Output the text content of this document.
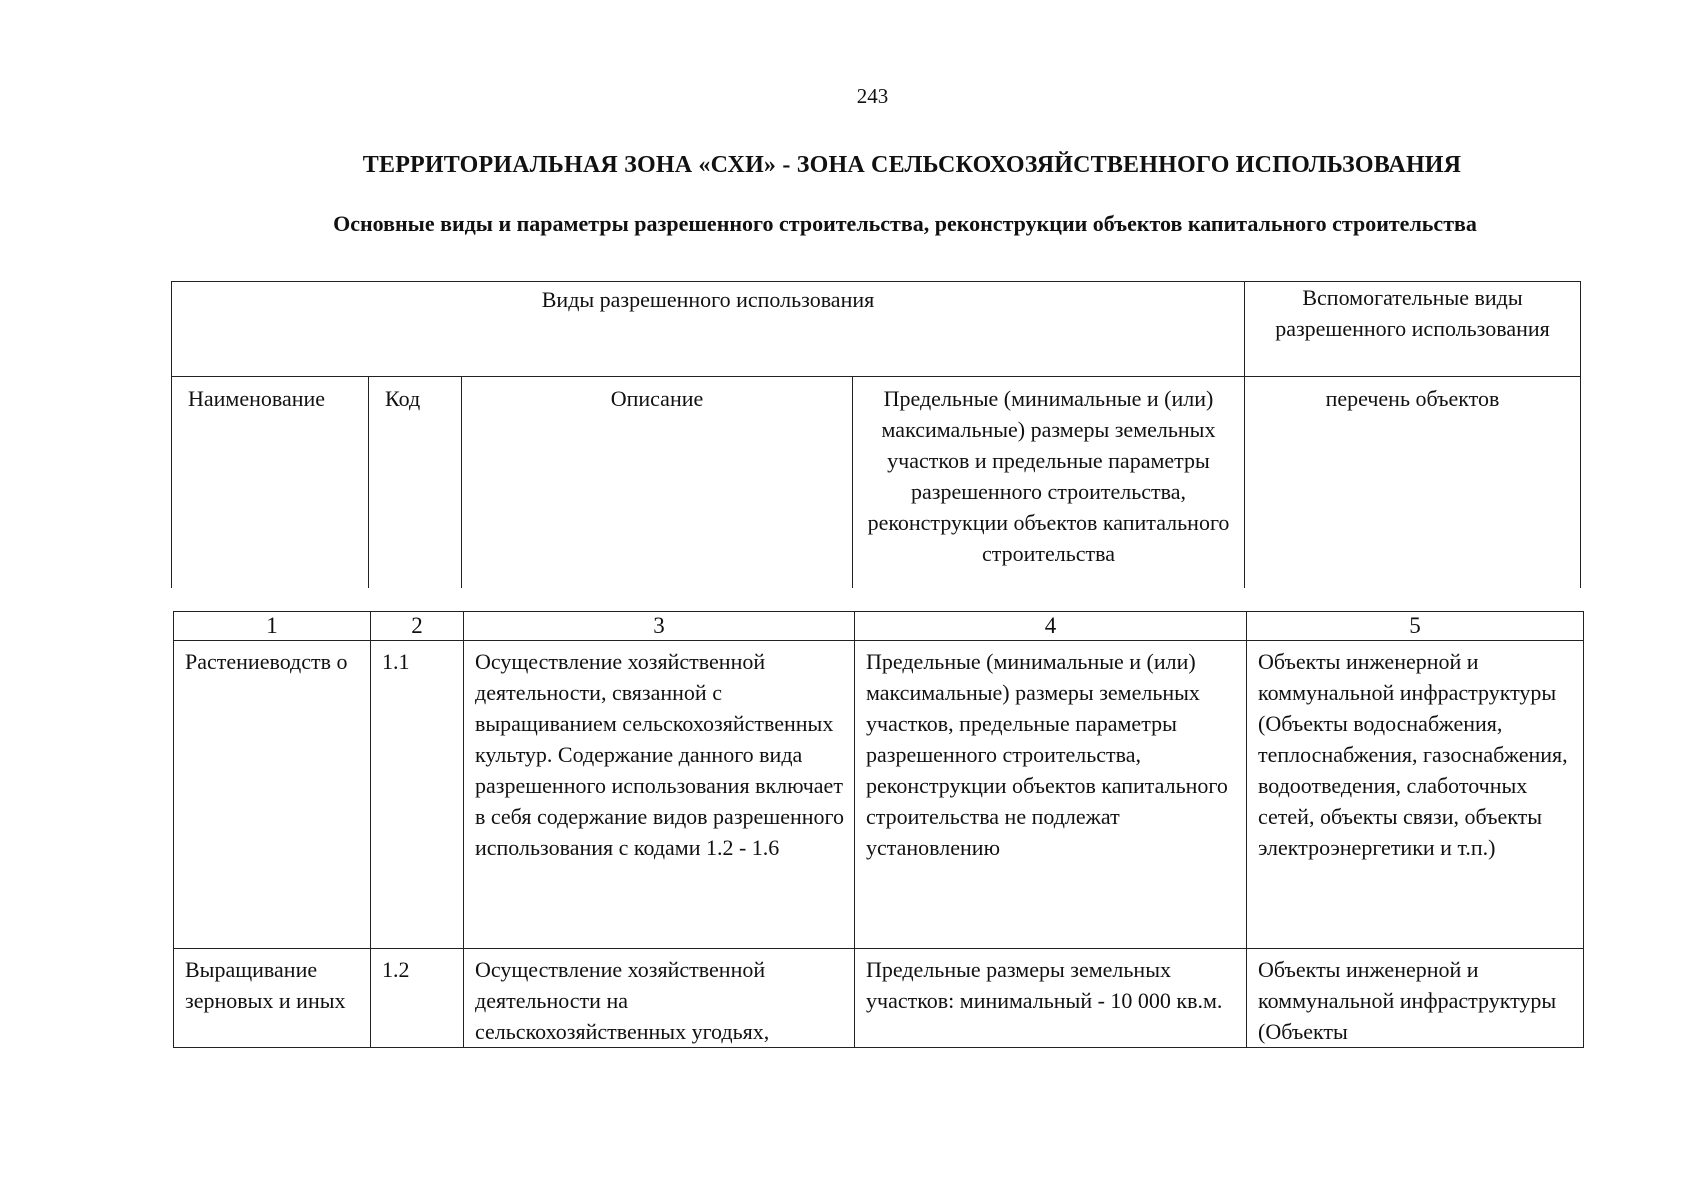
243
ТЕРРИТОРИАЛЬНАЯ ЗОНА «СХИ» - ЗОНА СЕЛЬСКОХОЗЯЙСТВЕННОГО ИСПОЛЬЗОВАНИЯ
Основные виды и параметры разрешенного строительства, реконструкции объектов капитального строительства
Виды разрешенного использования				Вспомогательные виды разрешенного использования
Наименование	Код	Описание	Предельные (минимальные и (или) максимальные) размеры земельных участков и предельные параметры разрешенного строительства, реконструкции объектов капитального строительства	перечень объектов
1	2	3	4	5
Растениеводств о	1.1	Осуществление хозяйственной деятельности, связанной с выращиванием сельскохозяйственных культур. Содержание данного вида разрешенного использования включает в себя содержание видов разрешенного использования с кодами 1.2 - 1.6	Предельные (минимальные и (или) максимальные) размеры земельных участков, предельные параметры разрешенного строительства, реконструкции объектов капитального строительства не подлежат установлению	Объекты инженерной и коммунальной инфраструктуры (Объекты водоснабжения, теплоснабжения, газоснабжения, водоотведения, слаботочных сетей, объекты связи, объекты электроэнергетики и т.п.)

Выращивание зерновых и иных	1.2	Осуществление хозяйственной деятельности на сельскохозяйственных угодьях,	Предельные размеры земельных участков: минимальный - 10 000 кв.м.	Объекты инженерной и коммунальной инфраструктуры (Объекты
